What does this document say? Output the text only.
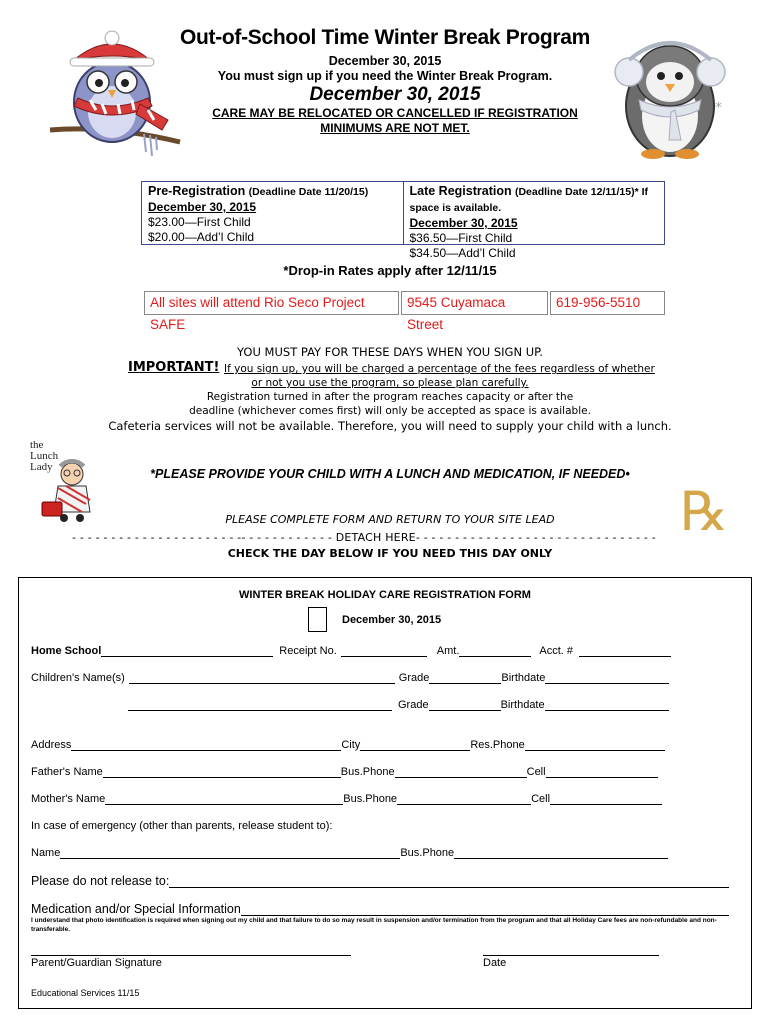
*
Out-of-School Time Winter Break Program
December 30, 2015
You must sign up if you need the Winter Break Program.
December 30, 2015
CARE MAY BE RELOCATED OR CANCELLED IF REGISTRATION
MINIMUMS ARE NOT MET.
Pre-Registration (Deadline Date 11/20/15)
December 30, 2015
$23.00—First Child
$20.00—Add’l Child
Late Registration (Deadline Date 12/11/15)* If space is available.
December 30, 2015
$36.50—First Child
$34.50—Add’l Child
*Drop-in Rates apply after 12/11/15
All sites will attend Rio Seco Project SAFE
9545 Cuyamaca Street
619-956-5510
YOU MUST PAY FOR THESE DAYS WHEN YOU SIGN UP.
IMPORTANT! If you sign up, you will be charged a percentage of the fees regardless of whether
or not you use the program, so please plan carefully.
Registration turned in after the program reaches capacity or after the
deadline (whichever comes first) will only be accepted as space is available.
Cafeteria services will not be available. Therefore, you will need to supply your child with a lunch.
the
Lunch
Lady	*PLEASE PROVIDE YOUR CHILD WITH A LUNCH AND MEDICATION, IF NEEDED•
℞
PLEASE COMPLETE FORM AND RETURN TO YOUR SITE LEAD
- - - - - - - - - - - - - - - - - - - - - -- - - - - - - - - - - - DETACH HERE- - - - - - - - - - - - - - - - - - - - - - - - - - - - - - -
CHECK THE DAY BELOW IF YOU NEED THIS DAY ONLY
WINTER BREAK HOLIDAY CARE REGISTRATION FORM
December 30, 2015
Home School	Receipt No.	Amt.	Acct. #
Children's Name(s)	Grade	Birthdate
Grade	Birthdate
Address	City	Res.Phone
Father's Name	Bus.Phone	Cell
Mother's Name	Bus.Phone	Cell
In case of emergency (other than parents, release student to):
Name	Bus.Phone
Please do not release to:
Medication and/or Special Information
I understand that photo identification is required when signing out my child and that failure to do so may result in suspension and/or termination from the program and that all Holiday Care fees are non-refundable and non-transferable.
Parent/Guardian Signature	Date
Educational Services 11/15
